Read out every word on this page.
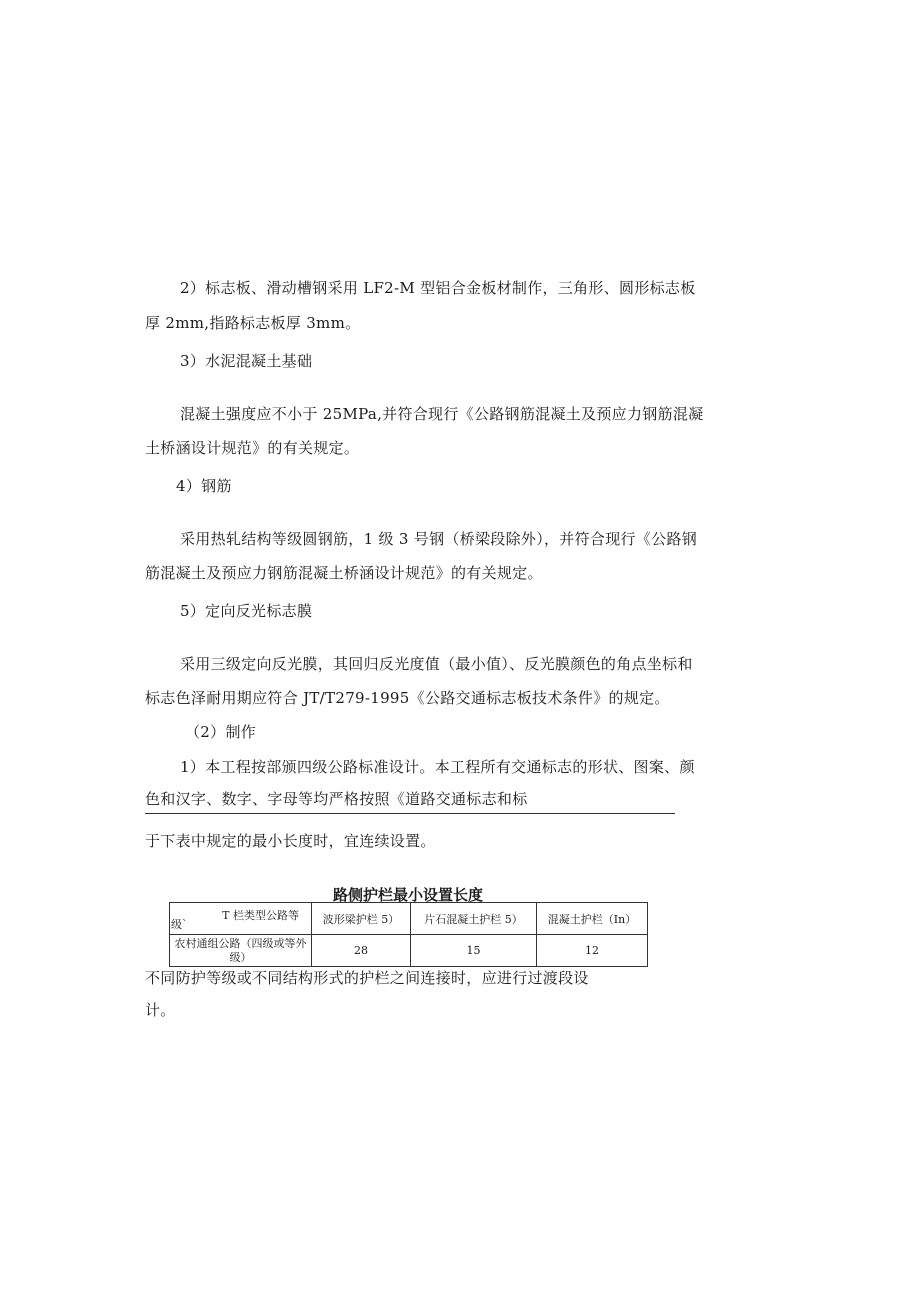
2）标志板、滑动槽钢采用 LF2-M 型铝合金板材制作，三角形、圆形标志板
厚 2mm,指路标志板厚 3mm。
3）水泥混凝土基础
混凝土强度应不小于 25MPa,并符合现行《公路钢筋混凝土及预应力钢筋混凝
土桥涵设计规范》的有关规定。
4）钢筋
采用热轧结构等级圆钢筋，1 级 3 号钢（桥梁段除外），并符合现行《公路钢
筋混凝土及预应力钢筋混凝土桥涵设计规范》的有关规定。
5）定向反光标志膜
采用三级定向反光膜，其回归反光度值（最小值）、反光膜颜色的角点坐标和
标志色泽耐用期应符合 JT/T279-1995《公路交通标志板技术条件》的规定。
（2）制作
1）本工程按部颁四级公路标准设计。本工程所有交通标志的形状、图案、颜
色和汉字、数字、字母等均严格按照《道路交通标志和标
于下表中规定的最小长度时，宜连续设置。
路侧护栏最小设置长度
T 栏类型公路等
级`	波形梁护栏 5）	片石混凝土护栏 5）	混凝土护栏（In）

农村通组公路（四级或等外
级）	28	15	12
不同防护等级或不同结构形式的护栏之间连接时，应进行过渡段设
计。
